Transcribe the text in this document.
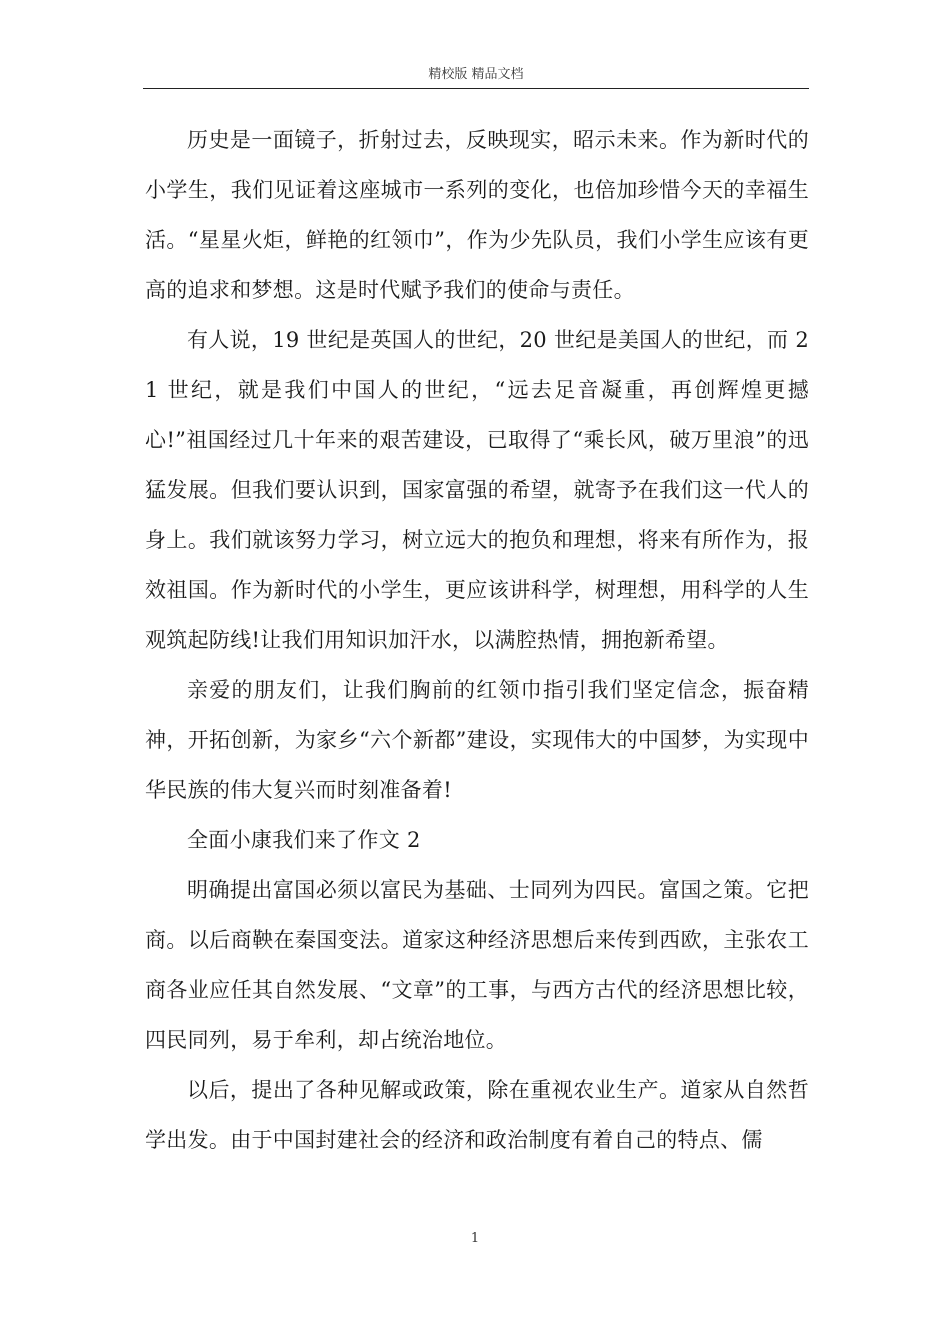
精校版 精品文档

历史是一面镜子，折射过去，反映现实，昭示未来。作为新时代的小学生，我们见证着这座城市一系列的变化，也倍加珍惜今天的幸福生活。“星星火炬，鲜艳的红领巾”，作为少先队员，我们小学生应该有更高的追求和梦想。这是时代赋予我们的使命与责任。

有人说，19 世纪是英国人的世纪，20 世纪是美国人的世纪，而 21 世纪，就是我们中国人的世纪，“远去足音凝重，再创辉煌更撼心!”祖国经过几十年来的艰苦建设，已取得了“乘长风，破万里浪”的迅猛发展。但我们要认识到，国家富强的希望，就寄予在我们这一代人的身上。我们就该努力学习，树立远大的抱负和理想，将来有所作为，报效祖国。作为新时代的小学生，更应该讲科学，树理想，用科学的人生观筑起防线!让我们用知识加汗水，以满腔热情，拥抱新希望。

亲爱的朋友们，让我们胸前的红领巾指引我们坚定信念，振奋精神，开拓创新，为家乡“六个新都”建设，实现伟大的中国梦，为实现中华民族的伟大复兴而时刻准备着!

全面小康我们来了作文 2

明确提出富国必须以富民为基础、士同列为四民。富国之策。它把商。以后商鞅在秦国变法。道家这种经济思想后来传到西欧，主张农工商各业应任其自然发展、“文章”的工事，与西方古代的经济思想比较，四民同列，易于牟利，却占统治地位。

以后，提出了各种见解或政策，除在重视农业生产。道家从自然哲学出发。由于中国封建社会的经济和政治制度有着自己的特点、儒

1
